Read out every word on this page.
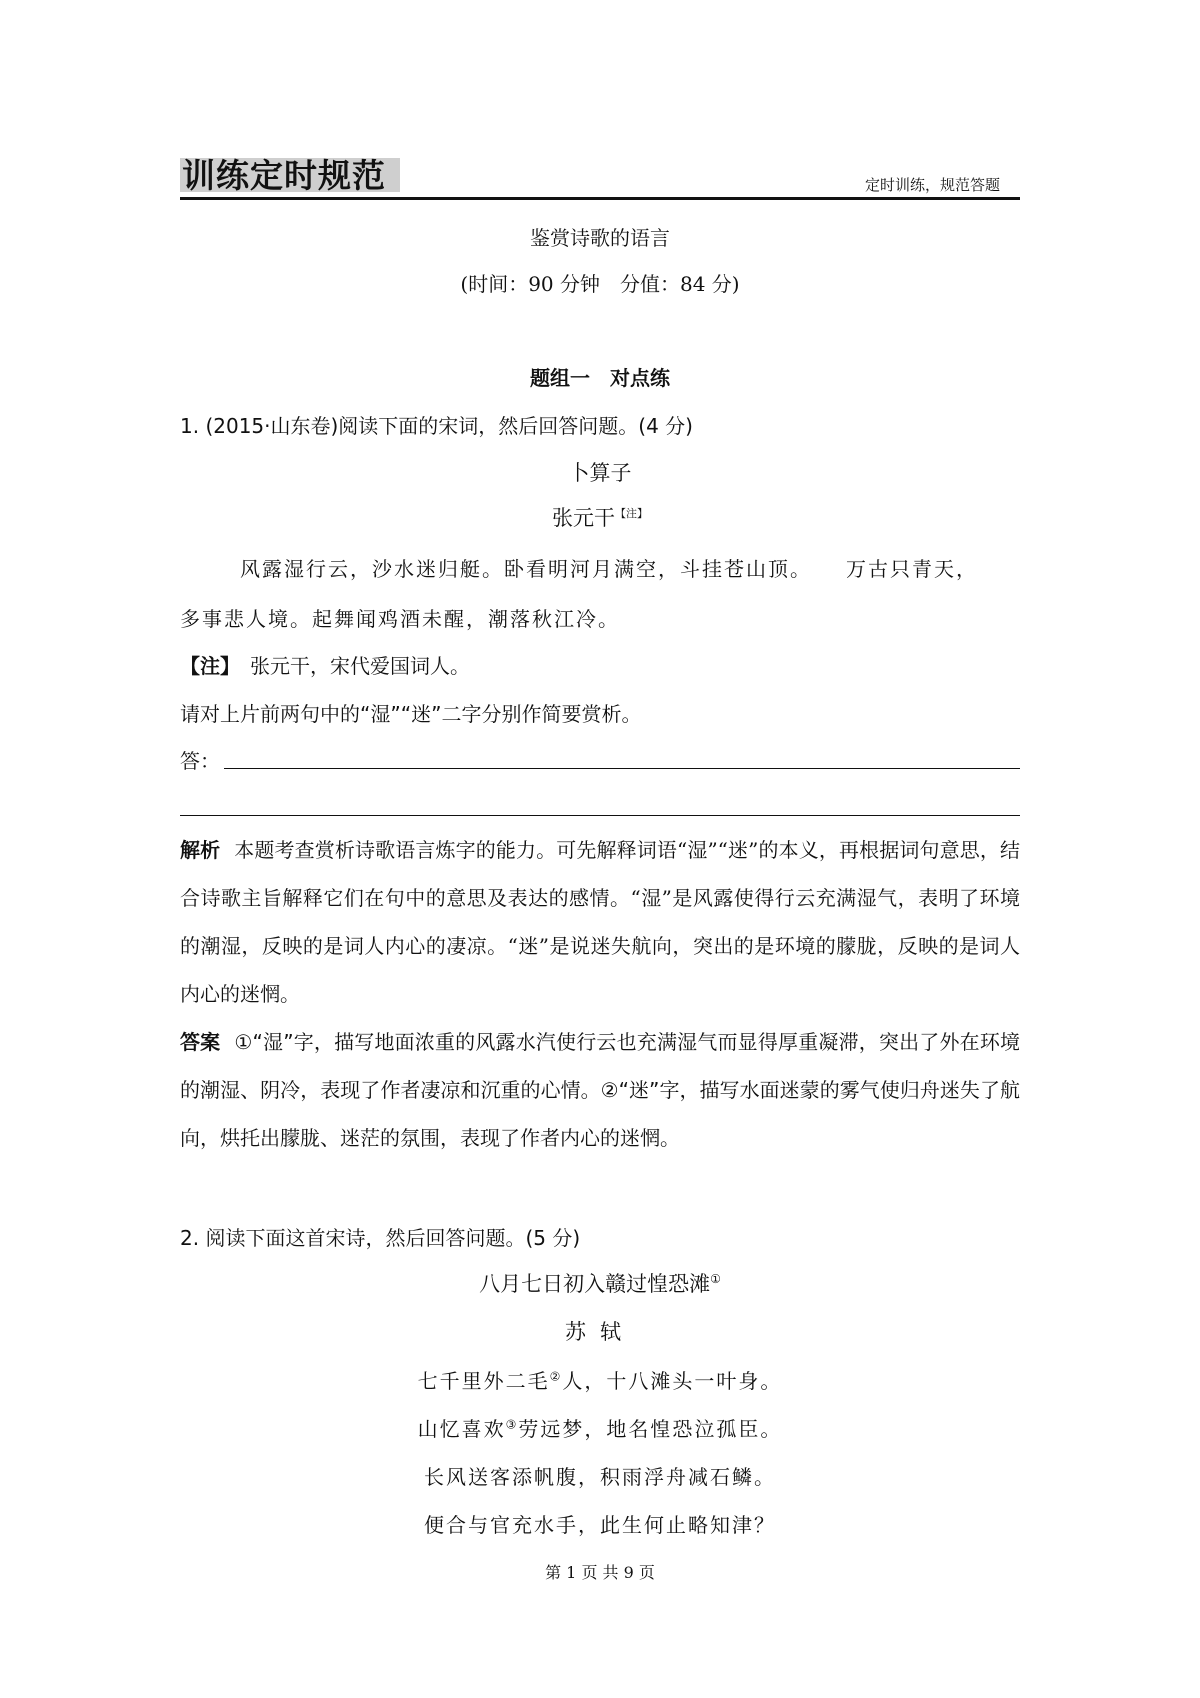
训练定时规范	定时训练，规范答题
鉴赏诗歌的语言
(时间：90 分钟　分值：84 分)
题组一　对点练
1. (2015·山东卷)阅读下面的宋词，然后回答问题。(4 分)
卜算子
张元干$^{【注】}$
风露湿行云，沙水迷归艇。卧看明河月满空，斗挂苍山顶。　　万古只青天，
多事悲人境。起舞闻鸡酒未醒，潮落秋江冷。
【注】 张元干，宋代爱国词人。
请对上片前两句中的“湿”“迷”二字分别作简要赏析。
答：
解析 本题考查赏析诗歌语言炼字的能力。可先解释词语“湿”“迷”的本义，再根据词句意思，结合诗歌主旨解释它们在句中的意思及表达的感情。“湿”是风露使得行云充满湿气，表明了环境的潮湿，反映的是词人内心的凄凉。“迷”是说迷失航向，突出的是环境的朦胧，反映的是词人内心的迷惘。
答案 ①“湿”字，描写地面浓重的风露水汽使行云也充满湿气而显得厚重凝滞，突出了外在环境的潮湿、阴冷，表现了作者凄凉和沉重的心情。②“迷”字，描写水面迷蒙的雾气使归舟迷失了航向，烘托出朦胧、迷茫的氛围，表现了作者内心的迷惘。
2. 阅读下面这首宋诗，然后回答问题。(5 分)
八月七日初入赣过惶恐滩①
苏轼
七千里外二毛②人，十八滩头一叶身。
山忆喜欢③劳远梦，地名惶恐泣孤臣。
长风送客添帆腹，积雨浮舟减石鳞。
便合与官充水手，此生何止略知津？
第 1 页 共 9 页
